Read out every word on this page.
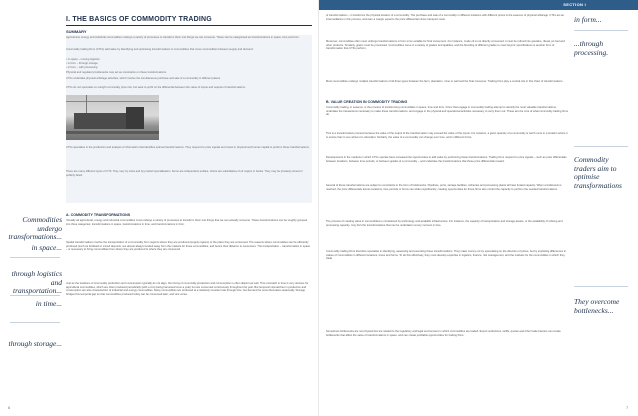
SECTION I
I. THE BASICS OF COMMODITY TRADING
SUMMARY
Agricultural, energy and industrial commodities undergo a variety of processes to transform them into things we can consume. These can be categorised as transformations in space, time and form.
Commodity trading firms (CTFs) add value by identifying and optimising transformations in commodities that move commodities between supply and demand:
• in space – moving logistics
• in form – through storage
• in form – with processing
Physical and regulatory bottlenecks may act as constraints on these transformations.
CTFs undertake physical arbitrage activities, which involve the simultaneous purchase and sale of a commodity in different places.
CTFs do not speculate on outright commodity price risk, but seek to profit on the differential between the value of inputs and outputs of transformations.
CTFs specialise in the production and analysis of information that identifies optimal transformations. They respond to price signals and invest in physical and human capital to perform these transformations.
There are many different types of CTF. They vary by sizes and by product specialisation. Some are independent entities, others are subsidiaries of oil majors or banks. They may be privately owned or publicly listed.
A. COMMODITY TRANSFORMATIONS
Virtually all agricultural, energy and industrial commodities must undergo a variety of processes to transform them into things that we can actually consume. These transformations can be roughly grouped into three categories: transformations in space, transformations in time, and transformations in form.
Spatial transformations involve the transportation of a commodity from regions where they are produced (supply regions) to the place they are consumed. The reasons where commodities can be efficiently produced (such as fertilised or mined deposits, are almost always located away from the markets for those commodities, and hence their distance to consumers. The transportation – transformation in space – is necessary to bring commodities from where they are produced to where they are consumed.
Just as the locations of commodity production and consumption typically do not align, the timing of commodity production and consumption is often disjoint as well. This mismatch in time is very obvious for agricultural commodities, which are often produced periodically (with a crop being harvested once a year) but are consumed continuously throughout the year. But temporal mismatches in production and consumption are also characteristic of industrial and energy commodities. Many commodities are produced at a relatively constant rate through time, but demand for some fluctuates seasonally. Storage bridges this temporal gap so that commodities produced today can be consumed later, and vice versa.
Commodities undergo transformations...
in space...
through logistics and transportation...
in time...
through storage...
6
of transformations – it transforms the physical location of a commodity. The purchase and sale of a commodity in different locations with different prices is the essence of physical arbitrage. CTFs act as intermediaries in this process, and earn a margin equal to the price differential minus transport costs.
Moreover, commodities often must undergo transformations in form to be suitable for final consumers. For instance, crude oil is not directly consumed: it must be refined into gasoline, diesel, jet fuel and other products. Similarly, grains must be processed. Commodities come in a variety of grades and qualities, and the blending of different grades to meet buyers' specifications is another form of transformation that CTFs perform.
Most commodities undergo multiple transformations of all three types between the farm, plantation, mine or well and the final consumer. Trading firms play a central role in this chain of transformations.
B. VALUE CREATION IN COMMODITY TRADING
Commodity trading, in essence, is the process of transforming commodities in space, time and form. Firms that engage in commodity trading attempt to identify the most valuable transformations, undertake the transactions necessary to make these transformations, and engage in the physical and operational activities necessary to carry them out. These are the core of what commodity trading firms do.
This is a transformative process because the value of the output of the transformation may exceed the value of the inputs. For instance, a given quantity of a commodity is worth more in a location where it is scarce than in one where it is abundant. Similarly, the value of a commodity can change over time, and in different forms.
Developments in the markets in which CTFs operate have increased the opportunities to add value by performing these transformations. Trading firms respond to price signals – such as price differentials between locations, between time periods, or between grades of a commodity – and undertake the transformations that those price differentials reward.
Several of these transformations are subject to constraints in the form of bottlenecks. Pipelines, ports, storage facilities, refineries and processing plants all have limited capacity. When a bottleneck is reached, the price differentials across locations, time periods or forms can widen significantly, creating opportunities for those firms who control the capacity to perform the needed transformations.
The process of creating value in commodities is constrained by technology and available infrastructure. For instance, the capacity of transportation and storage assets, or the availability of refining and processing capacity, may limit the transformations that can be undertaken at any moment in time.
Commodity trading firms therefore specialise in identifying, assessing and executing these transformations. They make money not by speculating on the direction of prices, but by exploiting differences in values of commodities in different locations, times and forms. To do this effectively, they must develop expertise in logistics, finance, risk management, and the markets for the commodities in which they trade.
Sometimes bottlenecks are not physical but are related to the regulatory and legal environment in which commodities are traded. Export restrictions, tariffs, quotas and other trade barriers can create bottlenecks that affect the value of transformations in space, and can create profitable opportunities for trading firms.
in form...
...through processing.
Commodity traders aim to optimise transformations
They overcome bottlenecks...
7
